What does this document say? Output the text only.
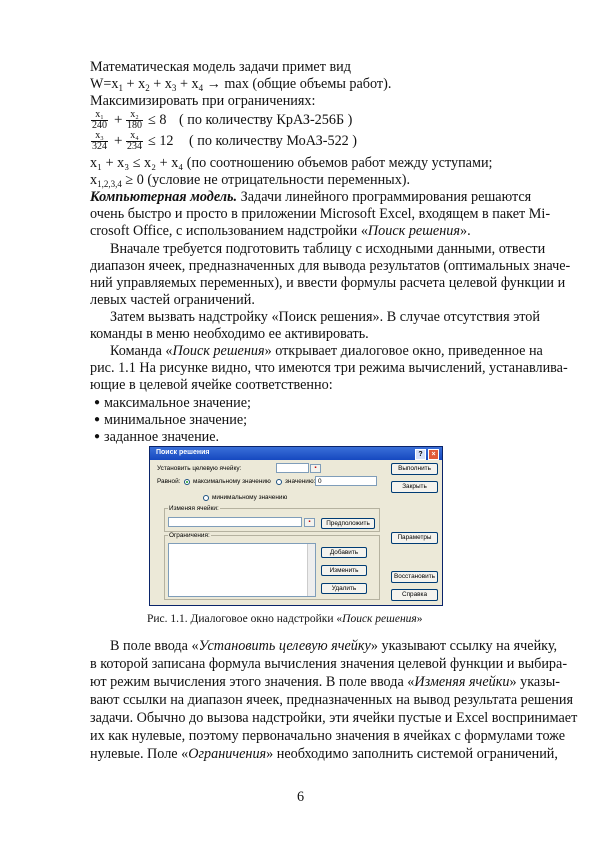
Математическая модель задачи примет вид
$W=x_1 + x_2 + x_3 + x_4 \to \max$ (общие объемы работ).
Максимизировать при ограничениях:
$\frac{\text{x₁}}{240} + \frac{\text{x₂}}{180} \le 8$ ( по количеству КрАЗ-256Б )
$\frac{\text{x₃}}{324} + \frac{\text{x₄}}{234} \le 12$ ( по количеству МоАЗ-522 )
x₁ + x₃ ≤ x₂ + x₄ (по соотношению объемов работ между уступами;
$x_{1,2,3,4} \ge 0$ (условие не отрицательности переменных).
Компьютерная модель. Задачи линейного программирования решаются
очень быстро и просто в приложении Microsoft Excel, входящем в пакет Mi-
crosoft Office, с использованием надстройки «Поиск решения».
Вначале требуется подготовить таблицу с исходными данными, отвести
диапазон ячеек, предназначенных для вывода результатов (оптимальных значе-
ний управляемых переменных), и ввести формулы расчета целевой функции и
левых частей ограничений.
Затем вызвать надстройку «Поиск решения». В случае отсутствия этой
команды в меню необходимо ее активировать.
Команда «Поиск решения» открывает диалоговое окно, приведенное на
рис. 1.1 На рисунке видно, что имеются три режима вычислений, устанавлива-
ющие в целевой ячейке соответственно:
● максимальное значение;
● минимальное значение;
● заданное значение.
Поиск решения	?	×
Установить целевую ячейку:	▪
Равной: максимальному значению значению: 0
минимальному значению
Изменяя ячейки:
▪
Ограничения:
Предположить
Добавить
Изменить
Удалить
Выполнить
Закрыть
Параметры
Восстановить
Справка
Рис. 1.1. Диалоговое окно надстройки «Поиск решения»
В поле ввода «Установить целевую ячейку» указывают ссылку на ячейку,
в которой записана формула вычисления значения целевой функции и выбира-
ют режим вычисления этого значения. В поле ввода «Изменяя ячейки» указы-
вают ссылки на диапазон ячеек, предназначенных на вывод результата решения
задачи. Обычно до вызова надстройки, эти ячейки пустые и Excel воспринимает
их как нулевые, поэтому первоначально значения в ячейках с формулами тоже
нулевые. Поле «Ограничения» необходимо заполнить системой ограничений,
6
